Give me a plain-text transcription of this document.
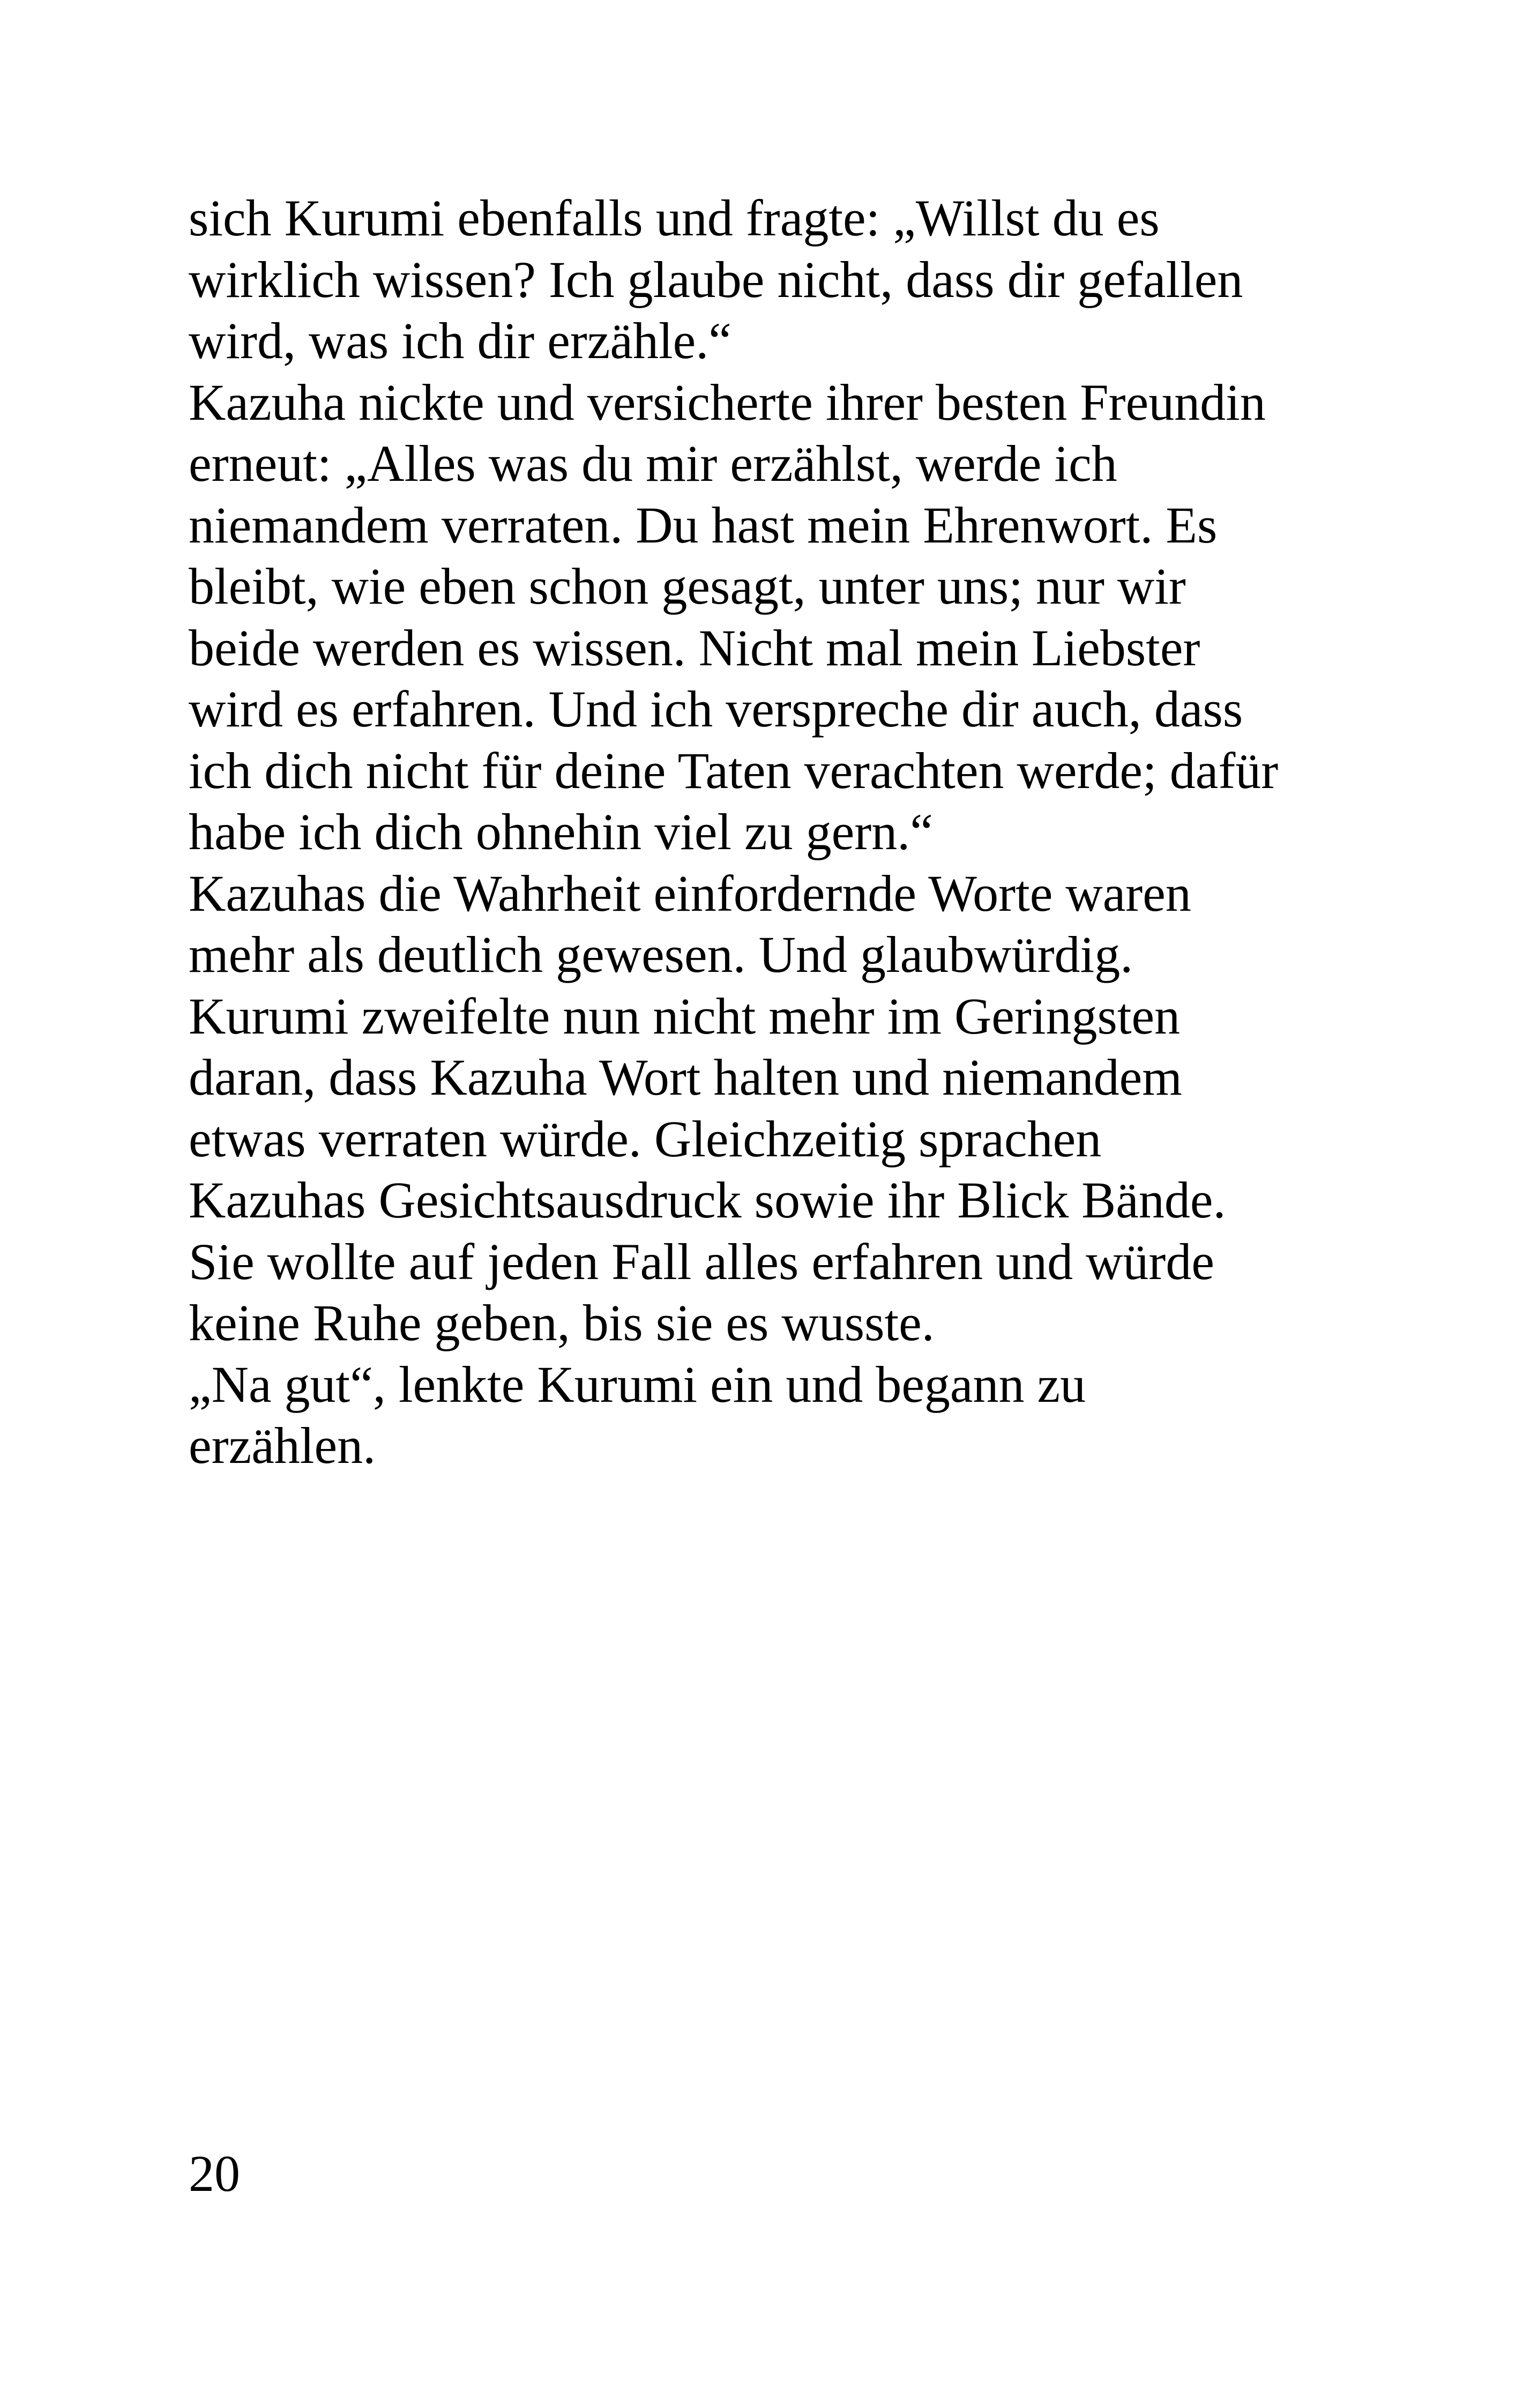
sich Kurumi ebenfalls und fragte: „Willst du es
wirklich wissen? Ich glaube nicht, dass dir gefallen
wird, was ich dir erzähle.“
Kazuha nickte und versicherte ihrer besten Freundin
erneut: „Alles was du mir erzählst, werde ich
niemandem verraten. Du hast mein Ehrenwort. Es
bleibt, wie eben schon gesagt, unter uns; nur wir
beide werden es wissen. Nicht mal mein Liebster
wird es erfahren. Und ich verspreche dir auch, dass
ich dich nicht für deine Taten verachten werde; dafür
habe ich dich ohnehin viel zu gern.“
Kazuhas die Wahrheit einfordernde Worte waren
mehr als deutlich gewesen. Und glaubwürdig.
Kurumi zweifelte nun nicht mehr im Geringsten
daran, dass Kazuha Wort halten und niemandem
etwas verraten würde. Gleichzeitig sprachen
Kazuhas Gesichtsausdruck sowie ihr Blick Bände.
Sie wollte auf jeden Fall alles erfahren und würde
keine Ruhe geben, bis sie es wusste.
„Na gut“, lenkte Kurumi ein und begann zu
erzählen.
20
